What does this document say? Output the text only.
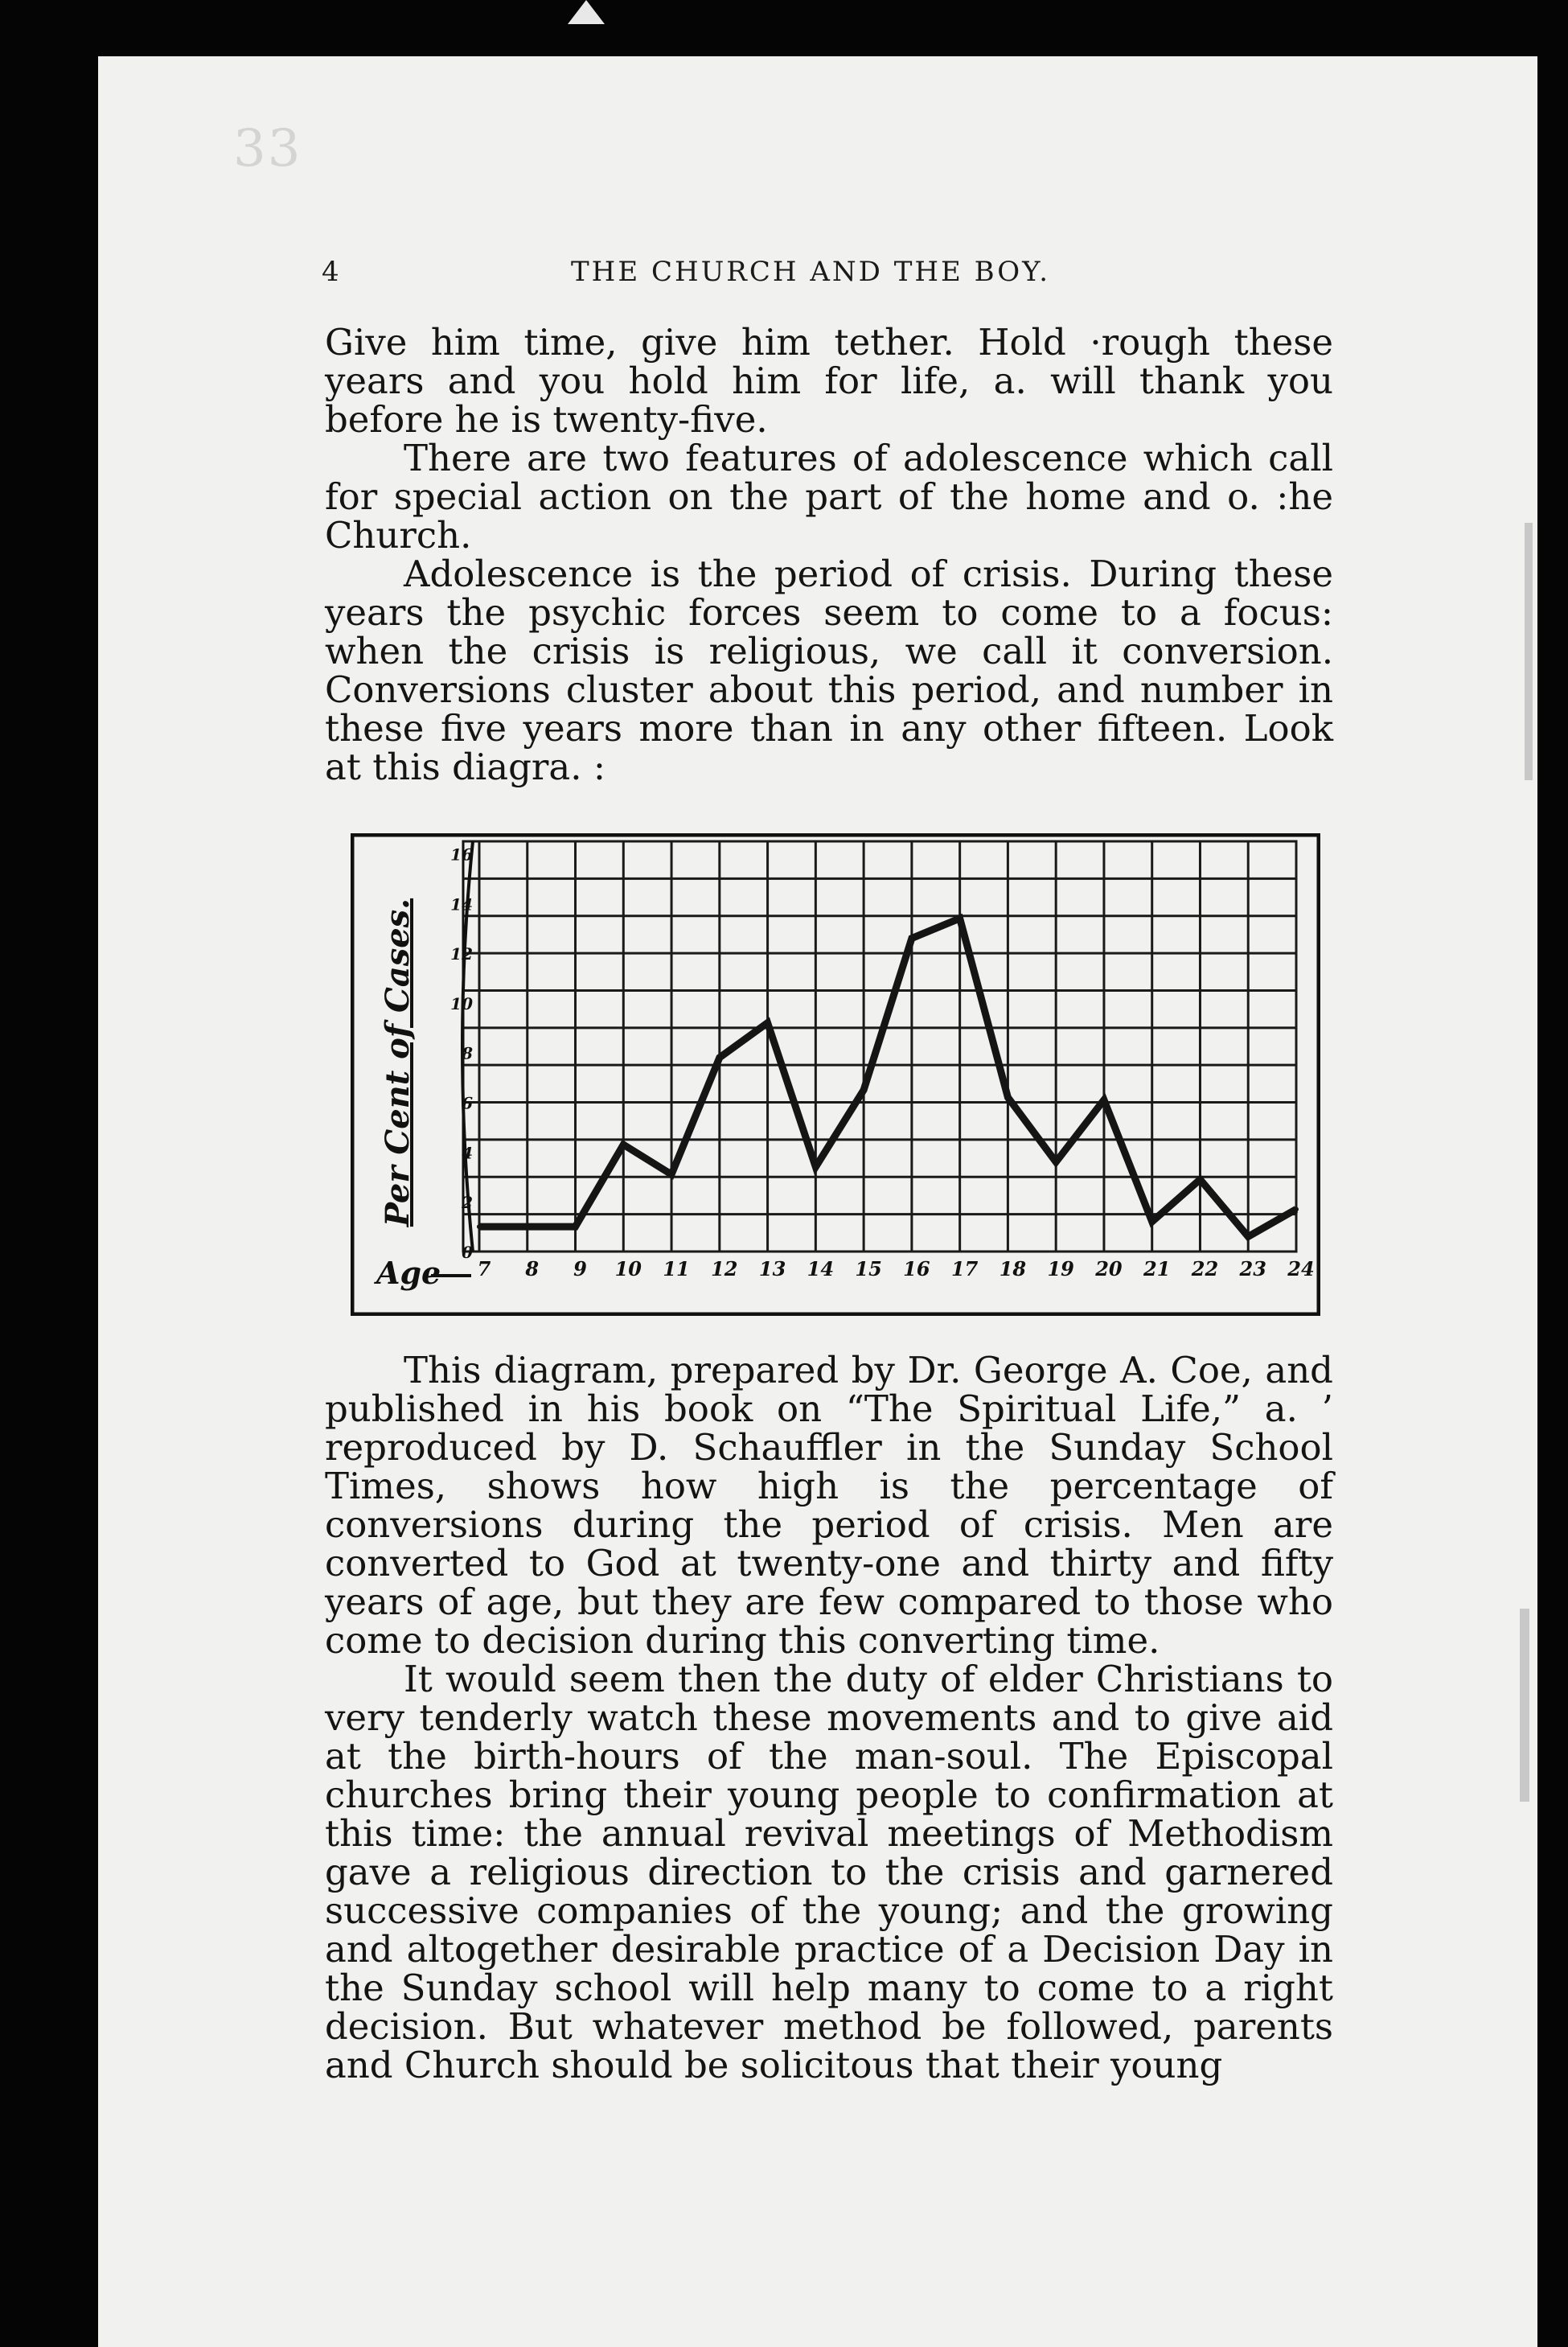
33
4	THE CHURCH AND THE BOY.

Give him time, give him tether. Hold ·rough these years and you hold him for life, a. will thank you before he is twenty-five.

There are two features of adolescence which call for special action on the part of the home and o. :he Church.

Adolescence is the period of crisis. During these years the psychic forces seem to come to a focus: when the crisis is religious, we call it conversion. Conversions cluster about this period, and number in these five years more than in any other fifteen. Look at this diagra. :

0
2
4
6
8
10
12
14
16
7 8 9 10 11 12 13 14 15 16 17 18 19 20 21 22 23 24
Per Cent of Cases.
Age

This diagram, prepared by Dr. George A. Coe, and published in his book on “The Spiritual Life,” a. ’ reproduced by D. Schauffler in the Sunday School Times, shows how high is the percentage of conversions during the period of crisis. Men are converted to God at twenty-one and thirty and fifty years of age, but they are few compared to those who come to decision during this converting time.

It would seem then the duty of elder Christians to very tenderly watch these movements and to give aid at the birth-hours of the man-soul. The Episcopal churches bring their young people to confirmation at this time: the annual revival meetings of Methodism gave a religious direction to the crisis and garnered successive companies of the young; and the growing and altogether desirable practice of a Decision Day in the Sunday school will help many to come to a right decision. But whatever method be followed, parents and Church should be solicitous that their young
